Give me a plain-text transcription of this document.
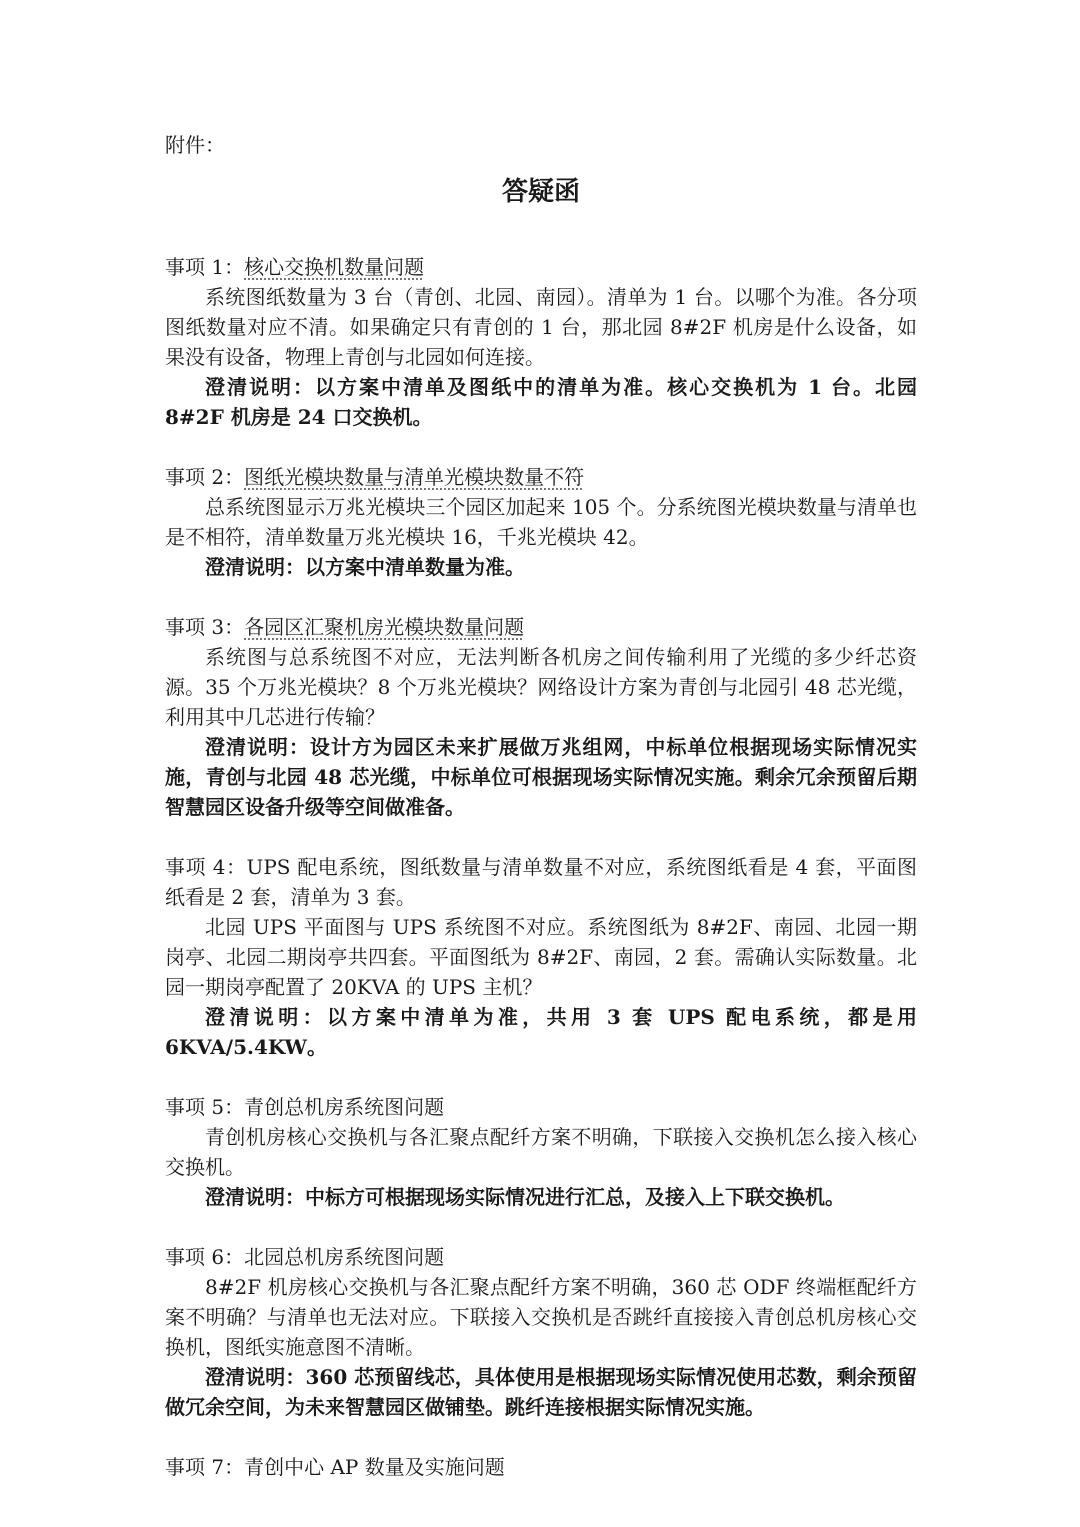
附件：

答疑函

事项 1：核心交换机数量问题

系统图纸数量为 3 台（青创、北园、南园）。清单为 1 台。以哪个为准。各分项图纸数量对应不清。如果确定只有青创的 1 台，那北园 8#2F 机房是什么设备，如果没有设备，物理上青创与北园如何连接。

澄清说明：以方案中清单及图纸中的清单为准。核心交换机为 1 台。北园 8#2F 机房是 24 口交换机。

事项 2：图纸光模块数量与清单光模块数量不符

总系统图显示万兆光模块三个园区加起来 105 个。分系统图光模块数量与清单也是不相符，清单数量万兆光模块 16，千兆光模块 42。

澄清说明：以方案中清单数量为准。

事项 3：各园区汇聚机房光模块数量问题

系统图与总系统图不对应，无法判断各机房之间传输利用了光缆的多少纤芯资源。35 个万兆光模块？8 个万兆光模块？网络设计方案为青创与北园引 48 芯光缆，利用其中几芯进行传输？

澄清说明：设计方为园区未来扩展做万兆组网，中标单位根据现场实际情况实施，青创与北园 48 芯光缆，中标单位可根据现场实际情况实施。剩余冗余预留后期智慧园区设备升级等空间做准备。

事项 4：UPS 配电系统，图纸数量与清单数量不对应，系统图纸看是 4 套，平面图纸看是 2 套，清单为 3 套。

北园 UPS 平面图与 UPS 系统图不对应。系统图纸为 8#2F、南园、北园一期岗亭、北园二期岗亭共四套。平面图纸为 8#2F、南园，2 套。需确认实际数量。北园一期岗亭配置了 20KVA 的 UPS 主机？

澄清说明：以方案中清单为准，共用 3 套 UPS 配电系统，都是用 6KVA/5.4KW。

事项 5：青创总机房系统图问题

青创机房核心交换机与各汇聚点配纤方案不明确，下联接入交换机怎么接入核心交换机。

澄清说明：中标方可根据现场实际情况进行汇总，及接入上下联交换机。

事项 6：北园总机房系统图问题

8#2F 机房核心交换机与各汇聚点配纤方案不明确，360 芯 ODF 终端框配纤方案不明确？与清单也无法对应。下联接入交换机是否跳纤直接接入青创总机房核心交换机，图纸实施意图不清晰。

澄清说明：360 芯预留线芯，具体使用是根据现场实际情况使用芯数，剩余预留做冗余空间，为未来智慧园区做铺垫。跳纤连接根据实际情况实施。

事项 7：青创中心 AP 数量及实施问题
